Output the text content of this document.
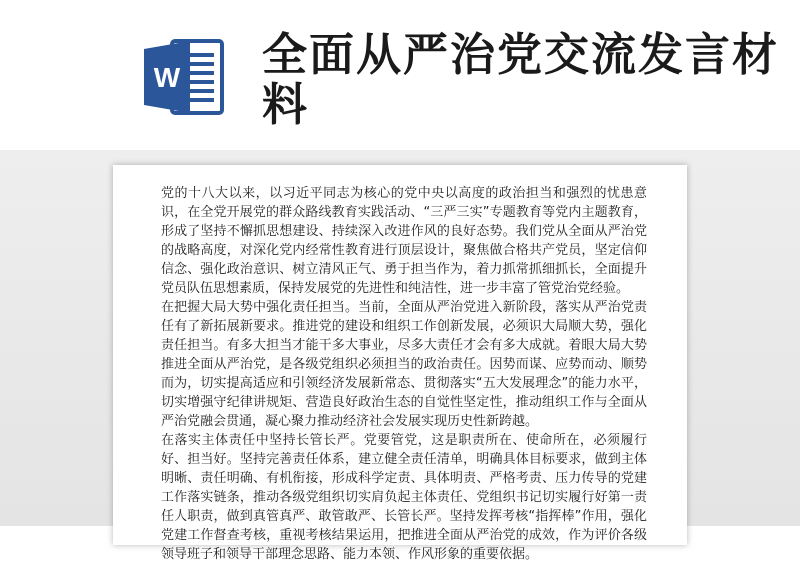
W 全面从严治党交流发言材料

党的十八大以来，以习近平同志为核心的党中央以高度的政治担当和强烈的忧患意识，在全党开展党的群众路线教育实践活动、“三严三实”专题教育等党内主题教育，形成了坚持不懈抓思想建设、持续深入改进作风的良好态势。我们党从全面从严治党的战略高度，对深化党内经常性教育进行顶层设计，聚焦做合格共产党员，坚定信仰信念、强化政治意识、树立清风正气、勇于担当作为，着力抓常抓细抓长，全面提升党员队伍思想素质，保持发展党的先进性和纯洁性，进一步丰富了管党治党经验。

在把握大局大势中强化责任担当。当前，全面从严治党进入新阶段，落实从严治党责任有了新拓展新要求。推进党的建设和组织工作创新发展，必须识大局顺大势，强化责任担当。有多大担当才能干多大事业，尽多大责任才会有多大成就。着眼大局大势推进全面从严治党，是各级党组织必须担当的政治责任。因势而谋、应势而动、顺势而为，切实提高适应和引领经济发展新常态、贯彻落实“五大发展理念”的能力水平，切实增强守纪律讲规矩、营造良好政治生态的自觉性坚定性，推动组织工作与全面从严治党融会贯通，凝心聚力推动经济社会发展实现历史性新跨越。

在落实主体责任中坚持长管长严。党要管党，这是职责所在、使命所在，必须履行好、担当好。坚持完善责任体系，建立健全责任清单，明确具体目标要求，做到主体明晰、责任明确、有机衔接，形成科学定责、具体明责、严格考责、压力传导的党建工作落实链条，推动各级党组织切实肩负起主体责任、党组织书记切实履行好第一责任人职责，做到真管真严、敢管敢严、长管长严。坚持发挥考核“指挥棒”作用，强化党建工作督查考核，重视考核结果运用，把推进全面从严治党的成效，作为评价各级领导班子和领导干部理念思路、能力本领、作风形象的重要依据。
